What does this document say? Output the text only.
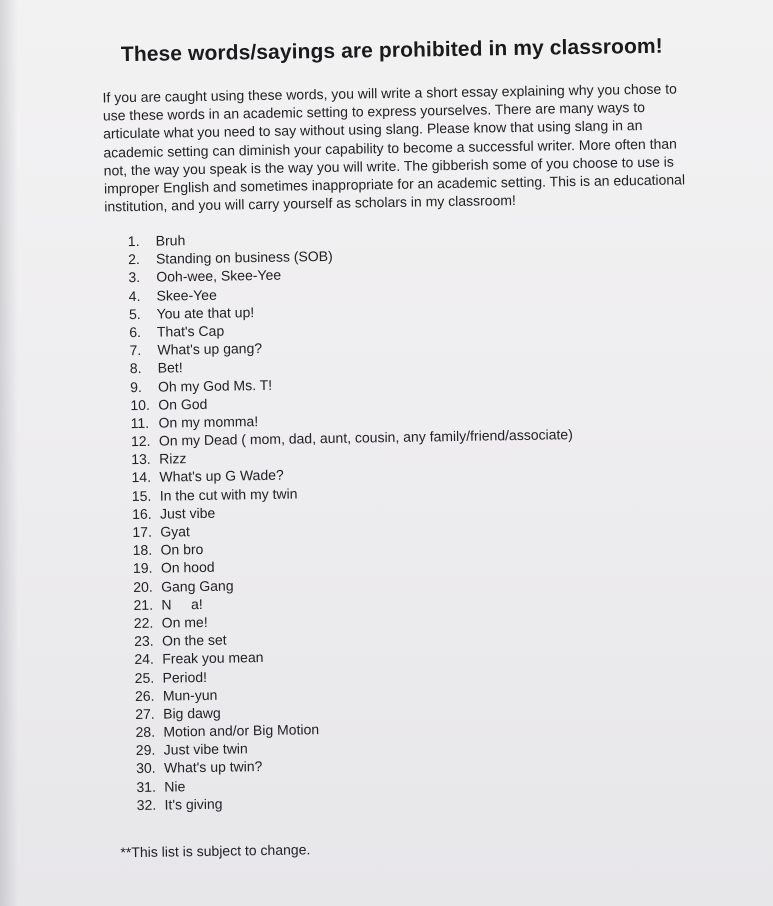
These words/sayings are prohibited in my classroom!
If you are caught using these words, you will write a short essay explaining why you chose to
use these words in an academic setting to express yourselves. There are many ways to
articulate what you need to say without using slang. Please know that using slang in an
academic setting can diminish your capability to become a successful writer. More often than
not, the way you speak is the way you will write. The gibberish some of you choose to use is
improper English and sometimes inappropriate for an academic setting. This is an educational
institution, and you will carry yourself as scholars in my classroom!
1. Bruh
2. Standing on business (SOB)
3. Ooh-wee, Skee-Yee
4. Skee-Yee
5. You ate that up!
6. That's Cap
7. What's up gang?
8. Bet!
9. Oh my God Ms. T!
10. On God
11. On my momma!
12. On my Dead ( mom, dad, aunt, cousin, any family/friend/associate)
13. Rizz
14. What's up G Wade?
15. In the cut with my twin
16. Just vibe
17. Gyat
18. On bro
19. On hood
20. Gang Gang
21. N     a!
22. On me!
23. On the set
24. Freak you mean
25. Period!
26. Mun-yun
27. Big dawg
28. Motion and/or Big Motion
29. Just vibe twin
30. What's up twin?
31. Nie
32. It's giving
**This list is subject to change.
